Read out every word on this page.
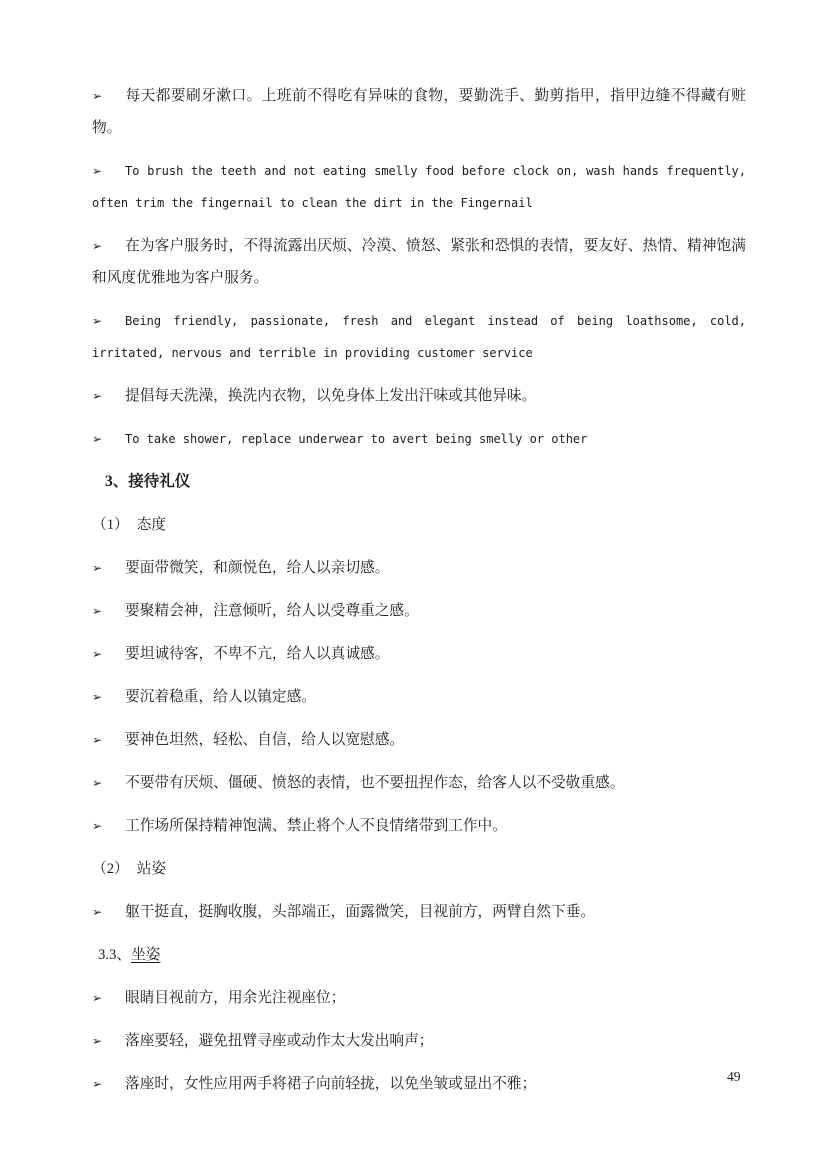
➢ 每天都要刷牙漱口。上班前不得吃有异味的食物，要勤洗手、勤剪指甲，指甲边缝不得藏有赃物。
➢ To brush the teeth and not eating smelly food before clock on, wash hands frequently, often trim the fingernail to clean the dirt in the Fingernail
➢ 在为客户服务时，不得流露出厌烦、冷漠、愤怒、紧张和恐惧的表情，要友好、热情、精神饱满和风度优雅地为客户服务。
➢ Being friendly, passionate, fresh and elegant instead of being loathsome, cold, irritated, nervous and terrible in providing customer service
➢ 提倡每天洗澡，换洗内衣物，以免身体上发出汗味或其他异味。
➢ To take shower, replace underwear to avert being smelly or other
3、接待礼仪
（1） 态度
➢ 要面带微笑，和颜悦色，给人以亲切感。
➢ 要聚精会神，注意倾听，给人以受尊重之感。
➢ 要坦诚待客，不卑不亢，给人以真诚感。
➢ 要沉着稳重，给人以镇定感。
➢ 要神色坦然，轻松、自信，给人以宽慰感。
➢ 不要带有厌烦、僵硬、愤怒的表情，也不要扭捏作态，给客人以不受敬重感。
➢ 工作场所保持精神饱满、禁止将个人不良情绪带到工作中。
（2） 站姿
➢ 躯干挺直，挺胸收腹，头部端正，面露微笑，目视前方，两臂自然下垂。
3.3、坐姿
➢ 眼睛目视前方，用余光注视座位；
➢ 落座要轻，避免扭臂寻座或动作太大发出响声；
➢ 落座时，女性应用两手将裙子向前轻拢，以免坐皱或显出不雅；	49
